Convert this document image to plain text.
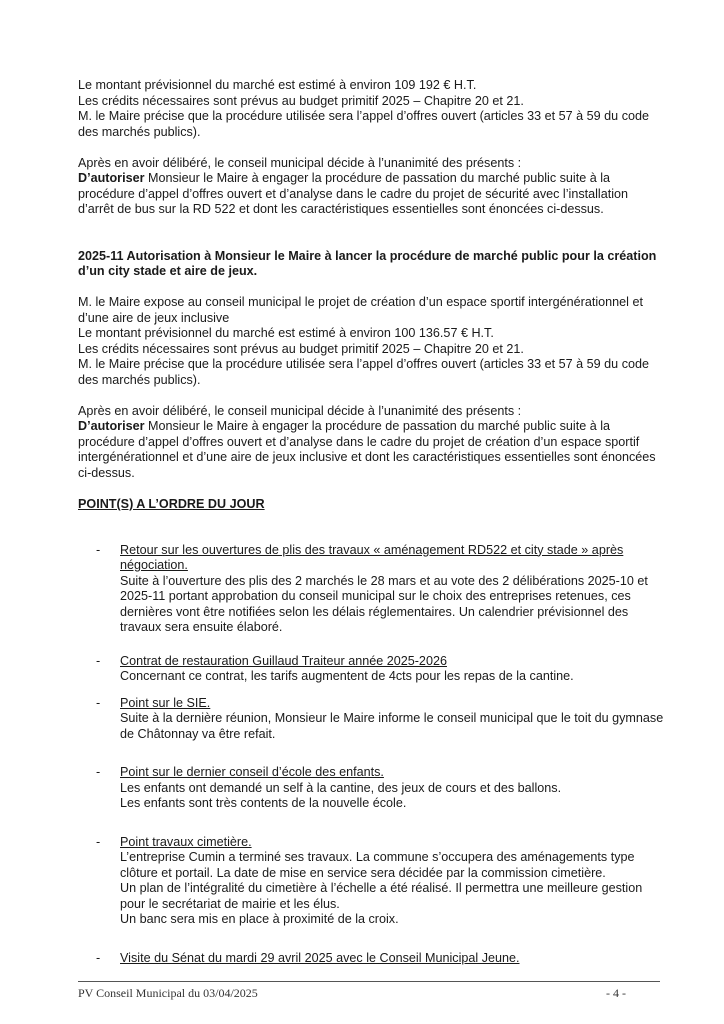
Le montant prévisionnel du marché est estimé à environ 109 192 € H.T.

Les crédits nécessaires sont prévus au budget primitif 2025 – Chapitre 20 et 21.

M. le Maire précise que la procédure utilisée sera l’appel d’offres ouvert (articles 33 et 57 à 59 du code des marchés publics).

Après en avoir délibéré, le conseil municipal décide à l’unanimité des présents :

D’autoriser Monsieur le Maire à engager la procédure de passation du marché public suite à la procédure d’appel d’offres ouvert et d’analyse dans le cadre du projet de sécurité avec l’installation d’arrêt de bus sur la RD 522 et dont les caractéristiques essentielles sont énoncées ci-dessus.

2025-11 Autorisation à Monsieur le Maire à lancer la procédure de marché public pour la création d’un city stade et aire de jeux.

M. le Maire expose au conseil municipal le projet de création d’un espace sportif intergénérationnel et d’une aire de jeux inclusive

Le montant prévisionnel du marché est estimé à environ 100 136.57 € H.T.

Les crédits nécessaires sont prévus au budget primitif 2025 – Chapitre 20 et 21.

M. le Maire précise que la procédure utilisée sera l’appel d’offres ouvert (articles 33 et 57 à 59 du code des marchés publics).

Après en avoir délibéré, le conseil municipal décide à l’unanimité des présents :

D’autoriser Monsieur le Maire à engager la procédure de passation du marché public suite à la procédure d’appel d’offres ouvert et d’analyse dans le cadre du projet de création d’un espace sportif intergénérationnel et d’une aire de jeux inclusive et dont les caractéristiques essentielles sont énoncées ci-dessus.

POINT(S) A L’ORDRE DU JOUR

- Retour sur les ouvertures de plis des travaux « aménagement RD522 et city stade » après négociation.

Suite à l’ouverture des plis des 2 marchés le 28 mars et au vote des 2 délibérations 2025-10 et 2025-11 portant approbation du conseil municipal sur le choix des entreprises retenues, ces dernières vont être notifiées selon les délais réglementaires. Un calendrier prévisionnel des travaux sera ensuite élaboré.

- Contrat de restauration Guillaud Traiteur année 2025-2026

Concernant ce contrat, les tarifs augmentent de 4cts pour les repas de la cantine.

- Point sur le SIE.

Suite à la dernière réunion, Monsieur le Maire informe le conseil municipal que le toit du gymnase de Châtonnay va être refait.

- Point sur le dernier conseil d’école des enfants.

Les enfants ont demandé un self à la cantine, des jeux de cours et des ballons.

Les enfants sont très contents de la nouvelle école.

- Point travaux cimetière.

L’entreprise Cumin a terminé ses travaux. La commune s’occupera des aménagements type clôture et portail. La date de mise en service sera décidée par la commission cimetière.

Un plan de l’intégralité du cimetière à l’échelle a été réalisé. Il permettra une meilleure gestion pour le secrétariat de mairie et les élus.

Un banc sera mis en place à proximité de la croix.

- Visite du Sénat du mardi 29 avril 2025 avec le Conseil Municipal Jeune.

PV Conseil Municipal du 03/04/2025	- 4 -
